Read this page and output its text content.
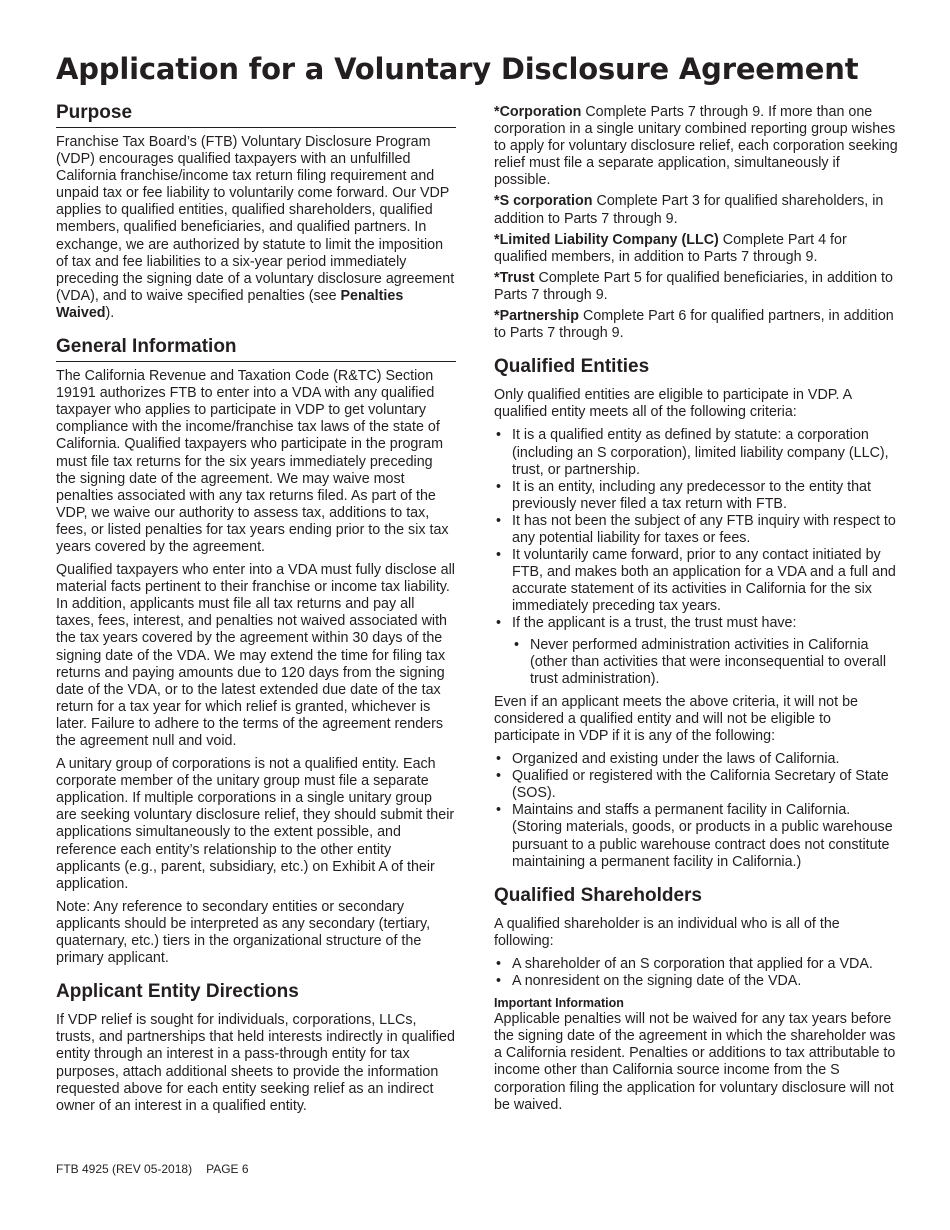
Application for a Voluntary Disclosure Agreement
Purpose

Franchise Tax Board’s (FTB) Voluntary Disclosure Program (VDP) encourages qualified taxpayers with an unfulfilled California franchise/income tax return filing requirement and unpaid tax or fee liability to voluntarily come forward. Our VDP applies to qualified entities, qualified shareholders, qualified members, qualified beneficiaries, and qualified partners. In exchange, we are authorized by statute to limit the imposition of tax and fee liabilities to a six-year period immediately preceding the signing date of a voluntary disclosure agreement (VDA), and to waive specified penalties (see Penalties Waived).

General Information

The California Revenue and Taxation Code (R&TC) Section 19191 authorizes FTB to enter into a VDA with any qualified taxpayer who applies to participate in VDP to get voluntary compliance with the income/franchise tax laws of the state of California. Qualified taxpayers who participate in the program must file tax returns for the six years immediately preceding the signing date of the agreement. We may waive most penalties associated with any tax returns filed. As part of the VDP, we waive our authority to assess tax, additions to tax, fees, or listed penalties for tax years ending prior to the six tax years covered by the agreement.

Qualified taxpayers who enter into a VDA must fully disclose all material facts pertinent to their franchise or income tax liability. In addition, applicants must file all tax returns and pay all taxes, fees, interest, and penalties not waived associated with the tax years covered by the agreement within 30 days of the signing date of the VDA. We may extend the time for filing tax returns and paying amounts due to 120 days from the signing date of the VDA, or to the latest extended due date of the tax return for a tax year for which relief is granted, whichever is later. Failure to adhere to the terms of the agreement renders the agreement null and void.

A unitary group of corporations is not a qualified entity. Each corporate member of the unitary group must file a separate application. If multiple corporations in a single unitary group are seeking voluntary disclosure relief, they should submit their applications simultaneously to the extent possible, and reference each entity’s relationship to the other entity applicants (e.g., parent, subsidiary, etc.) on Exhibit A of their application.

Note: Any reference to secondary entities or secondary applicants should be interpreted as any secondary (tertiary, quaternary, etc.) tiers in the organizational structure of the primary applicant.

Applicant Entity Directions

If VDP relief is sought for individuals, corporations, LLCs, trusts, and partnerships that held interests indirectly in qualified entity through an interest in a pass-through entity for tax purposes, attach additional sheets to provide the information requested above for each entity seeking relief as an indirect owner of an interest in a qualified entity.

*Corporation Complete Parts 7 through 9. If more than one corporation in a single unitary combined reporting group wishes to apply for voluntary disclosure relief, each corporation seeking relief must file a separate application, simultaneously if possible.

*S corporation Complete Part 3 for qualified shareholders, in addition to Parts 7 through 9.

*Limited Liability Company (LLC) Complete Part 4 for qualified members, in addition to Parts 7 through 9.

*Trust Complete Part 5 for qualified beneficiaries, in addition to Parts 7 through 9.

*Partnership Complete Part 6 for qualified partners, in addition to Parts 7 through 9.

Qualified Entities

Only qualified entities are eligible to participate in VDP. A qualified entity meets all of the following criteria:

• It is a qualified entity as defined by statute: a corporation (including an S corporation), limited liability company (LLC), trust, or partnership.
• It is an entity, including any predecessor to the entity that previously never filed a tax return with FTB.
• It has not been the subject of any FTB inquiry with respect to any potential liability for taxes or fees.
• It voluntarily came forward, prior to any contact initiated by FTB, and makes both an application for a VDA and a full and accurate statement of its activities in California for the six immediately preceding tax years.
• If the applicant is a trust, the trust must have:
• Never performed administration activities in California (other than activities that were inconsequential to overall trust administration).

Even if an applicant meets the above criteria, it will not be considered a qualified entity and will not be eligible to participate in VDP if it is any of the following:

• Organized and existing under the laws of California.
• Qualified or registered with the California Secretary of State (SOS).
• Maintains and staffs a permanent facility in California. (Storing materials, goods, or products in a public warehouse pursuant to a public warehouse contract does not constitute maintaining a permanent facility in California.)
Qualified Shareholders

A qualified shareholder is an individual who is all of the following:

• A shareholder of an S corporation that applied for a VDA.
• A nonresident on the signing date of the VDA.
Important Information

Applicable penalties will not be waived for any tax years before the signing date of the agreement in which the shareholder was a California resident. Penalties or additions to tax attributable to income other than California source income from the S corporation filing the application for voluntary disclosure will not be waived.

FTB 4925 (REV 05-2018) PAGE 6
